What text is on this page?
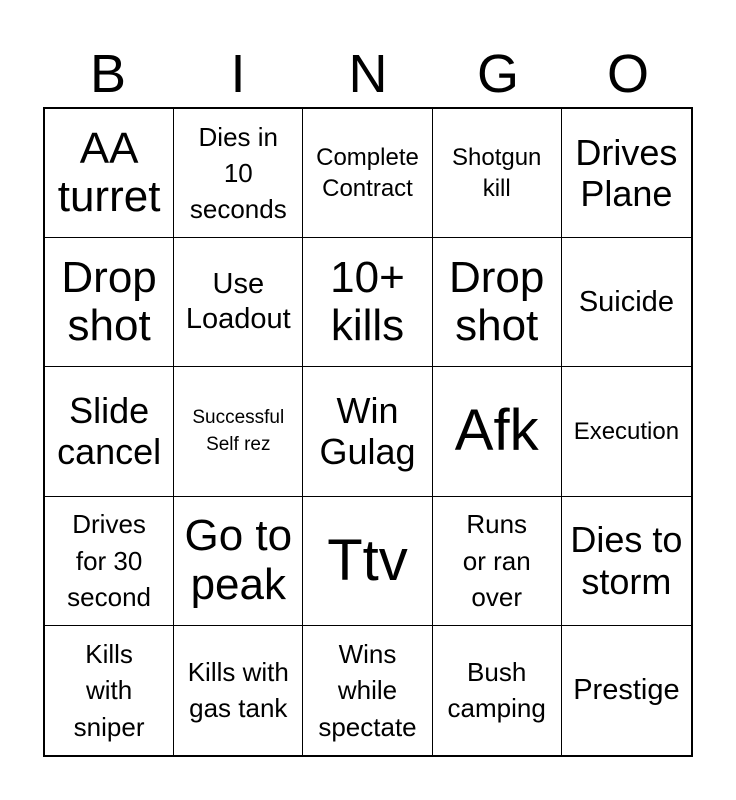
B	I	N	G	O
AA
turret
Dies in
10
seconds
Complete
Contract
Shotgun
kill
Drives
Plane
Drop
shot
Use
Loadout
10+
kills
Drop
shot Suicide
Slide
cancel
Successful
Self rez
Win
Gulag Afk Execution
Drives
for 30
second
Go to
peak Ttv
Runs
or ran
over
Dies to
storm
Kills
with
sniper
Kills with
gas tank
Wins
while
spectate
Bush
camping
Prestige
